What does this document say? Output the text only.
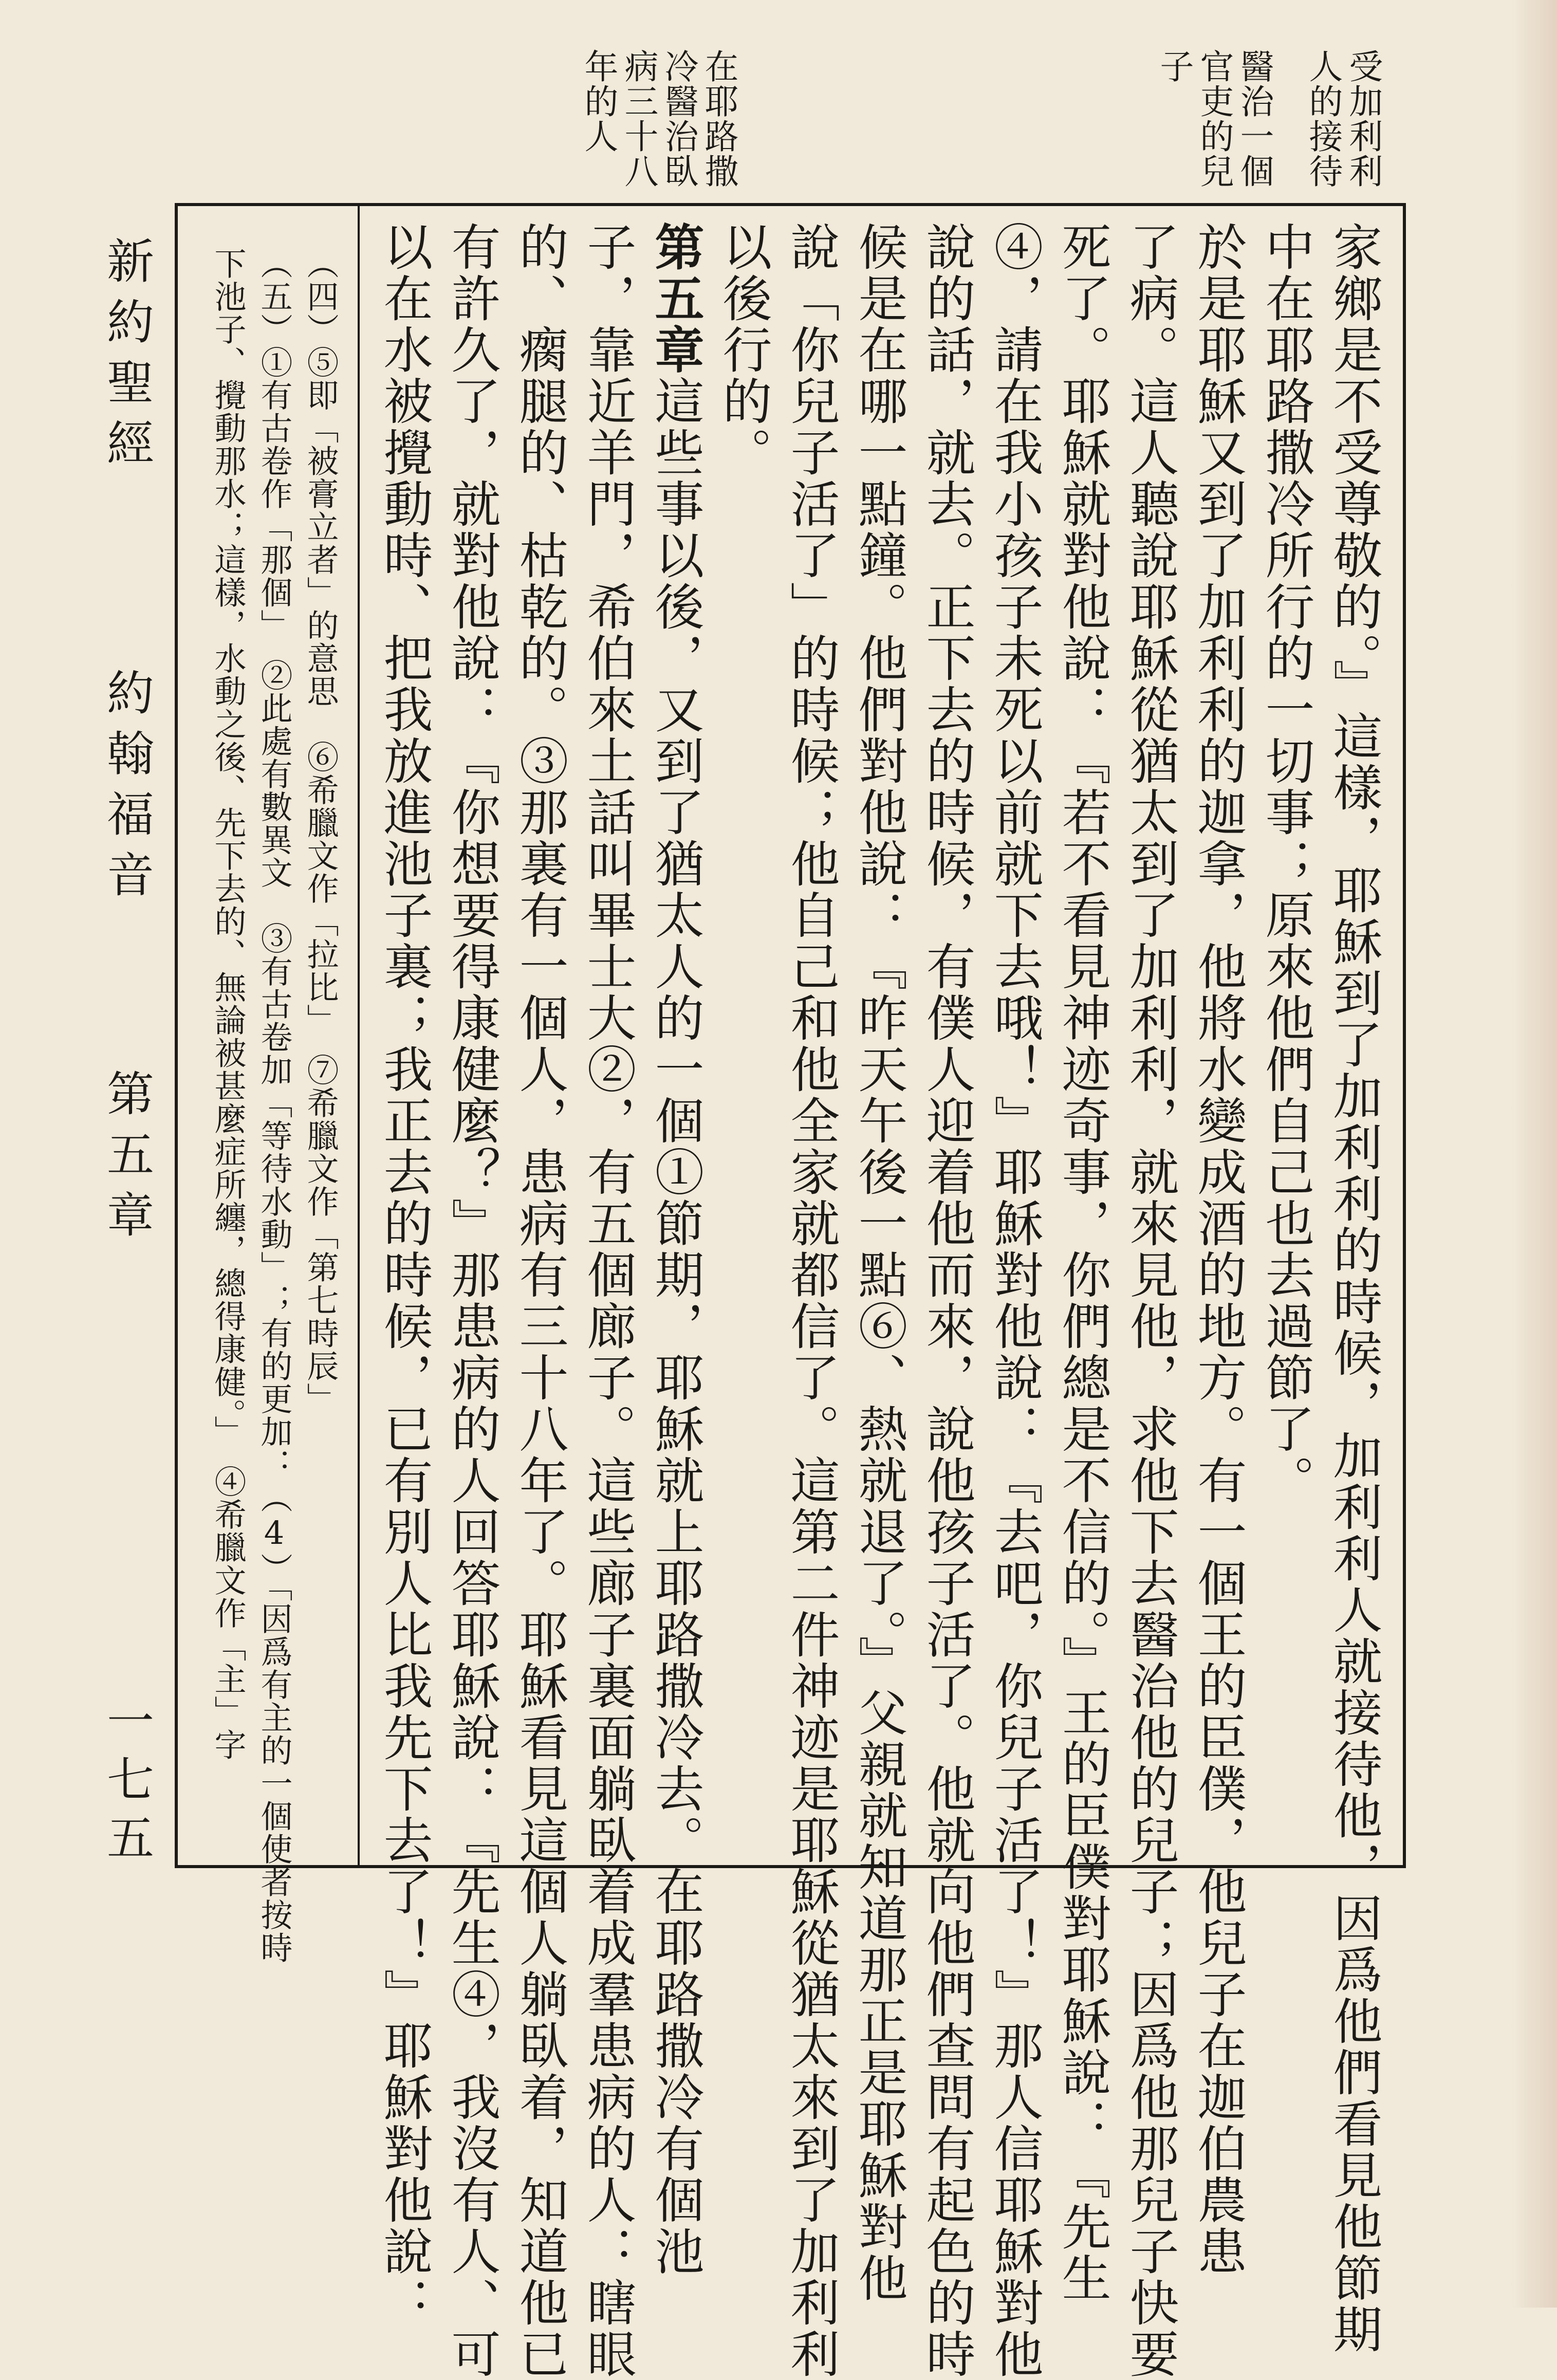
受加利利
人的接待
醫治一個
官吏的兒
子
在耶路撒
冷醫治臥
病三十八
年的人
家鄉是不受尊敬的。』這樣，耶穌到了加利利的時候，加利利人就接待他，因爲他們看見他節期
中在耶路撒冷所行的一切事；原來他們自己也去過節了。
於是耶穌又到了加利利的迦拿，他將水變成酒的地方。有一個王的臣僕，他兒子在迦伯農患
了病。這人聽說耶穌從猶太到了加利利，就來見他，求他下去醫治他的兒子；因爲他那兒子快要
死了。耶穌就對他說：『若不看見神迹奇事，你們總是不信的。』王的臣僕對耶穌說：『先生
④，請在我小孩子未死以前就下去哦！』耶穌對他說：『去吧，你兒子活了！』那人信耶穌對他
說的話，就去。正下去的時候，有僕人迎着他而來，說他孩子活了。他就向他們查問有起色的時
候是在哪一點鐘。他們對他說：『昨天午後一點⑥、熱就退了。』父親就知道那正是耶穌對他
說「你兒子活了」的時候；他自己和他全家就都信了。這第二件神迹是耶穌從猶太來到了加利利
以後行的。
第五章這些事以後，又到了猶太人的一個①節期，耶穌就上耶路撒冷去。在耶路撒冷有個池
子，靠近羊門，希伯來土話叫畢士大②，有五個廊子。這些廊子裏面躺臥着成羣患病的人：瞎眼
的、瘸腿的、枯乾的。③那裏有一個人，患病有三十八年了。耶穌看見這個人躺臥着，知道他已
有許久了，就對他說：『你想要得康健麼？』那患病的人回答耶穌說：『先生④，我沒有人、可
以在水被攪動時、把我放進池子裏；我正去的時候，已有別人比我先下去了！』耶穌對他說：
（四）⑤即「被膏立者」的意思　⑥希臘文作「拉比」　⑦希臘文作「第七時辰」
（五）①有古卷作「那個」　②此處有數異文　③有古卷加「等待水動」；有的更加：（4）「因爲有主的一個使者按時
下池子、攪動那水；這樣，水動之後、先下去的、無論被甚麼症所纏，總得康健。」　④希臘文作「主」字
新約聖經
約翰福音
第五章
一七五
